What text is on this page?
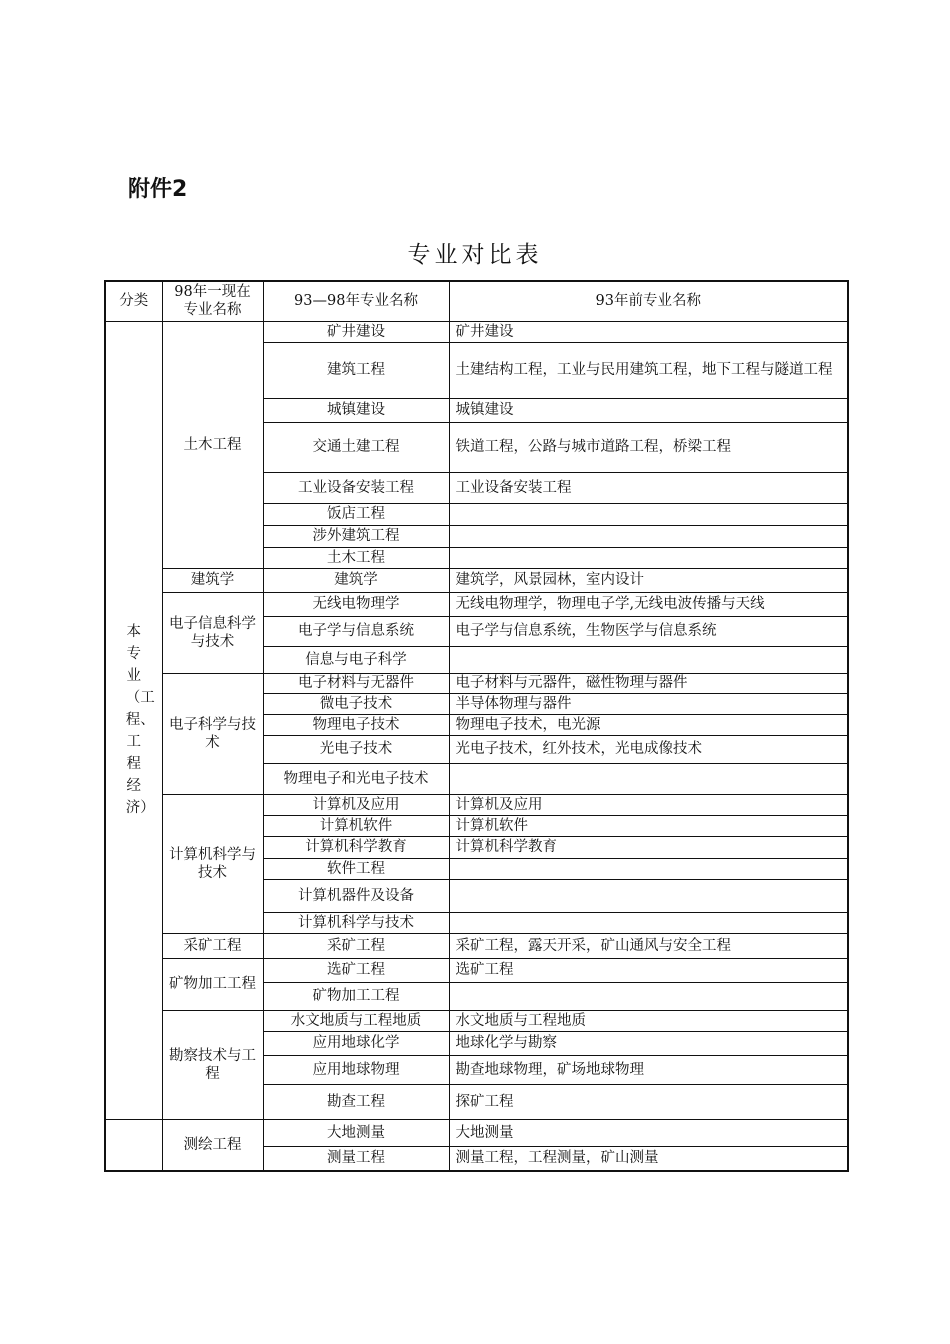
附件2
专业对比表
分类	98年一现在专业名称	93—98年专业名称	93年前专业名称
本专业（工程、工程经济）	土木工程	矿井建设	矿井建设
		建筑工程	土建结构工程，工业与民用建筑工程，地下工程与隧道工程
		城镇建设	城镇建设
		交通土建工程	铁道工程，公路与城市道路工程，桥梁工程
		工业设备安装工程	工业设备安装工程
		饭店工程	
		涉外建筑工程	
		土木工程	
	建筑学	建筑学	建筑学，风景园林，室内设计
	电子信息科学与技术	无线电物理学	无线电物理学，物理电子学,无线电波传播与天线
		电子学与信息系统	电子学与信息系统，生物医学与信息系统
		信息与电子科学	
	电子科学与技术	电子材料与无器件	电子材料与元器件，磁性物理与器件
		微电子技术	半导体物理与器件
		物理电子技术	物理电子技术，电光源
		光电子技术	光电子技术，红外技术，光电成像技术
		物理电子和光电子技术	
	计算机科学与技术	计算机及应用	计算机及应用
		计算机软件	计算机软件
		计算机科学教育	计算机科学教育
		软件工程	
		计算机器件及设备	
		计算机科学与技术	
	采矿工程	采矿工程	采矿工程，露天开采，矿山通风与安全工程
	矿物加工工程	选矿工程	选矿工程
		矿物加工工程	
	勘察技术与工程	水文地质与工程地质	水文地质与工程地质
		应用地球化学	地球化学与勘察
		应用地球物理	勘查地球物理，矿场地球物理
		勘查工程	探矿工程
	测绘工程	大地测量	大地测量
		测量工程	测量工程，工程测量，矿山测量
